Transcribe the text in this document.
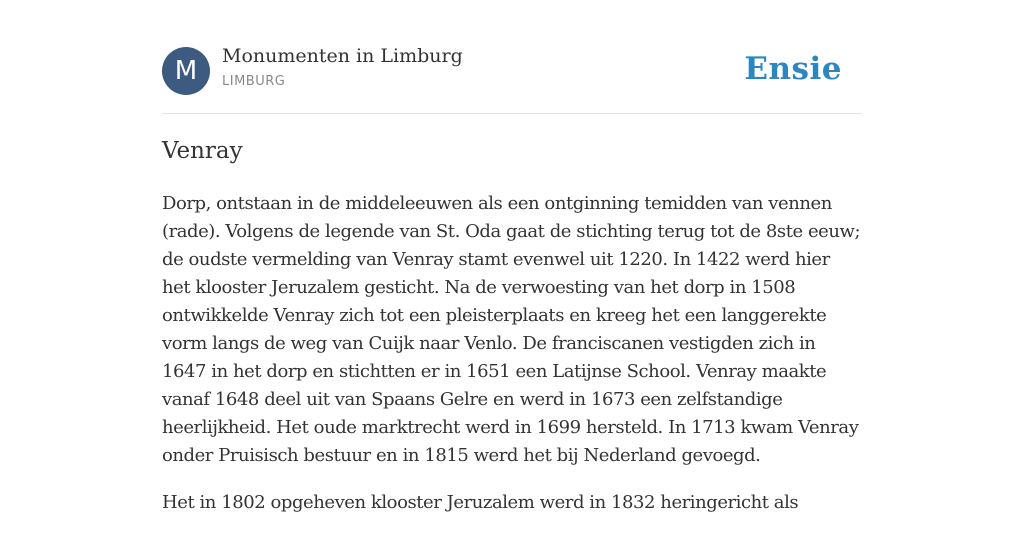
M	Monumenten in Limburg
LIMBURG	Ensie
Venray

Dorp, ontstaan in de middeleeuwen als een ontginning temidden van vennen (rade). Volgens de legende van St. Oda gaat de stichting terug tot de 8ste eeuw; de oudste vermelding van Venray stamt evenwel uit 1220. In 1422 werd hier het klooster Jeruzalem gesticht. Na de verwoesting van het dorp in 1508 ontwikkelde Venray zich tot een pleisterplaats en kreeg het een langgerekte vorm langs de weg van Cuijk naar Venlo. De franciscanen vestigden zich in 1647 in het dorp en stichtten er in 1651 een Latijnse School. Venray maakte vanaf 1648 deel uit van Spaans Gelre en werd in 1673 een zelfstandige heerlijkheid. Het oude marktrecht werd in 1699 hersteld. In 1713 kwam Venray onder Pruisisch bestuur en in 1815 werd het bij Nederland gevoegd.

Het in 1802 opgeheven klooster Jeruzalem werd in 1832 heringericht als
